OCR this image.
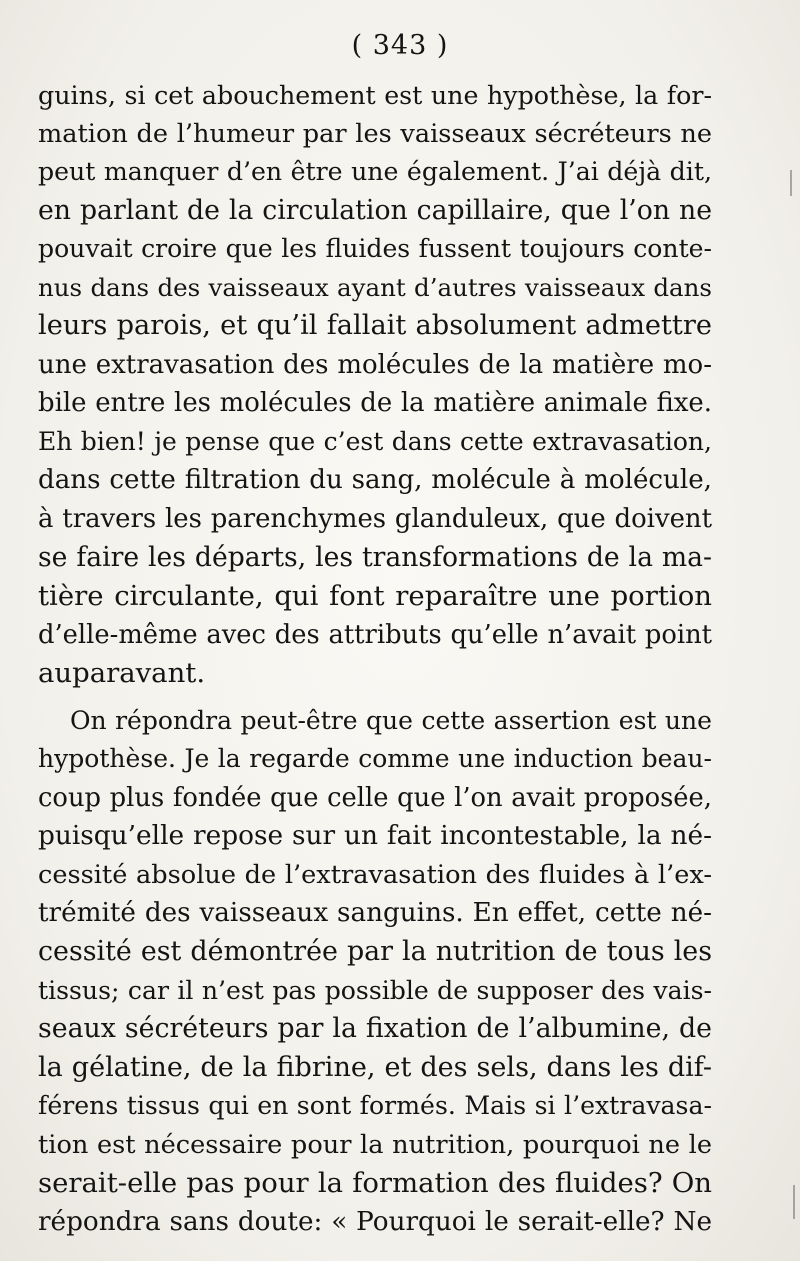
( 343 )
guins, si cet abouchement est une hypothèse, la for-
mation de l’humeur par les vaisseaux sécréteurs ne
peut manquer d’en être une également. J’ai déjà dit,
en parlant de la circulation capillaire, que l’on ne
pouvait croire que les fluides fussent toujours conte-
nus dans des vaisseaux ayant d’autres vaisseaux dans
leurs parois, et qu’il fallait absolument admettre
une extravasation des molécules de la matière mo-
bile entre les molécules de la matière animale fixe.
Eh bien! je pense que c’est dans cette extravasation,
dans cette filtration du sang, molécule à molécule,
à travers les parenchymes glanduleux, que doivent
se faire les départs, les transformations de la ma-
tière circulante, qui font reparaître une portion
d’elle-même avec des attributs qu’elle n’avait point
auparavant.
On répondra peut-être que cette assertion est une
hypothèse. Je la regarde comme une induction beau-
coup plus fondée que celle que l’on avait proposée,
puisqu’elle repose sur un fait incontestable, la né-
cessité absolue de l’extravasation des fluides à l’ex-
trémité des vaisseaux sanguins. En effet, cette né-
cessité est démontrée par la nutrition de tous les
tissus; car il n’est pas possible de supposer des vais-
seaux sécréteurs par la fixation de l’albumine, de
la gélatine, de la fibrine, et des sels, dans les dif-
férens tissus qui en sont formés. Mais si l’extravasa-
tion est nécessaire pour la nutrition, pourquoi ne le
serait-elle pas pour la formation des fluides? On
répondra sans doute: « Pourquoi le serait-elle? Ne
